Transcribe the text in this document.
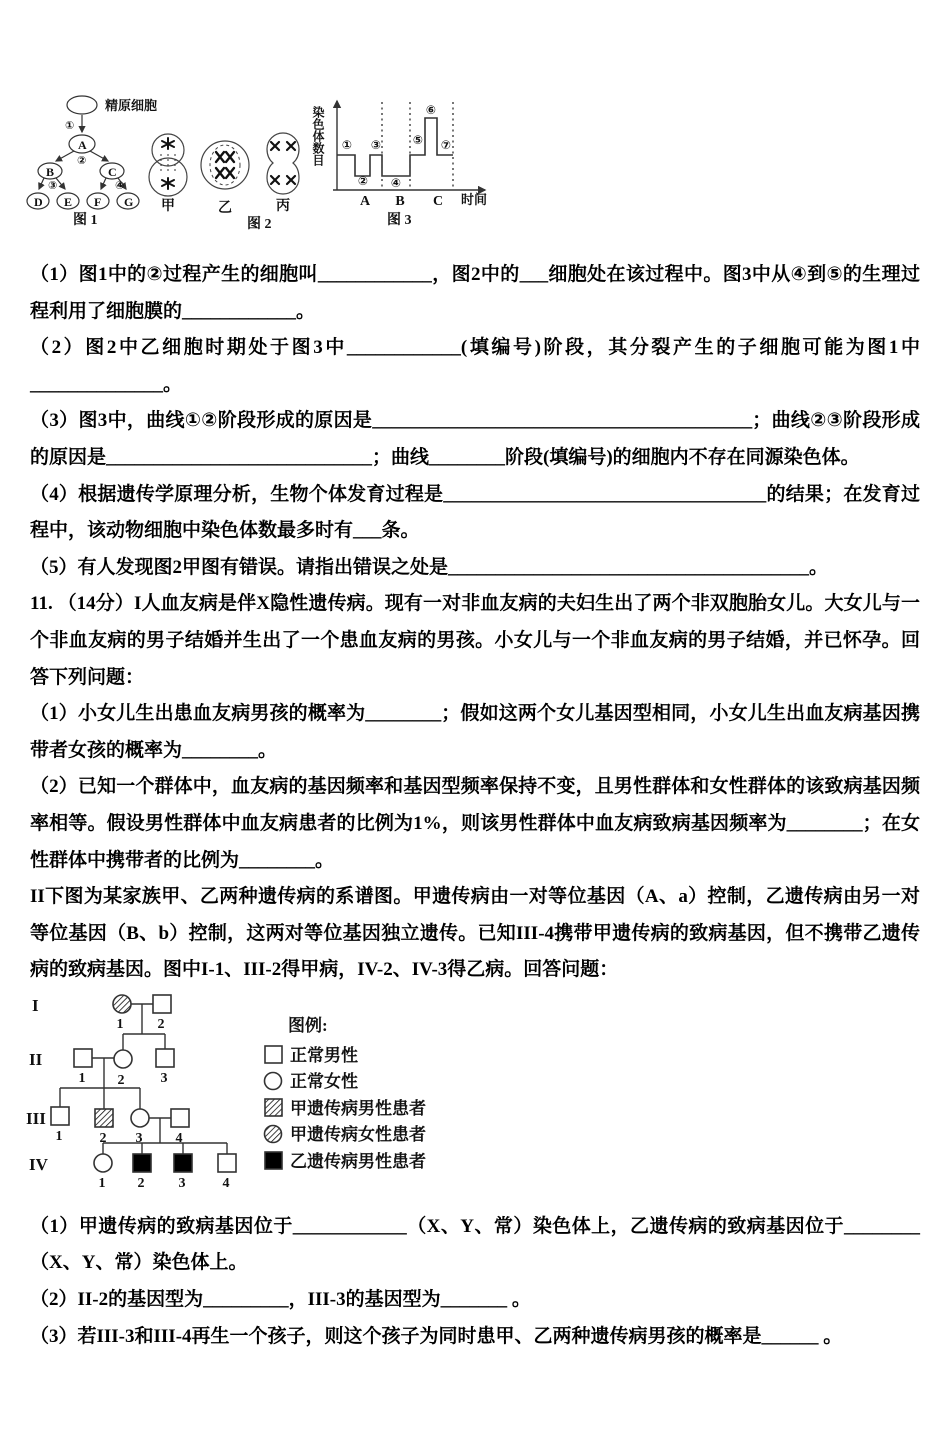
精原细胞
①
A
②
B	C
③	④
D E F G
图 1
甲	乙	丙
图 2
染色体数目 ①
②
③
④
⑤
⑥
⑦
A B C 时间
图 3

（1）图1中的②过程产生的细胞叫____________，图2中的___细胞处在该过程中。图3中从④到⑤的生理过程利用了细胞膜的____________。

（2）图2中乙细胞时期处于图3中____________(填编号)阶段，其分裂产生的子细胞可能为图1中______________。

（3）图3中，曲线①②阶段形成的原因是________________________________________；曲线②③阶段形成的原因是____________________________；曲线________阶段(填编号)的细胞内不存在同源染色体。

（4）根据遗传学原理分析，生物个体发育过程是__________________________________的结果；在发育过程中，该动物细胞中染色体数最多时有___条。

（5）有人发现图2甲图有错误。请指出错误之处是______________________________________。

11. （14分）I人血友病是伴X隐性遗传病。现有一对非血友病的夫妇生出了两个非双胞胎女儿。大女儿与一个非血友病的男子结婚并生出了一个患血友病的男孩。小女儿与一个非血友病的男子结婚，并已怀孕。回答下列问题：

（1）小女儿生出患血友病男孩的概率为________；假如这两个女儿基因型相同，小女儿生出血友病基因携带者女孩的概率为________。

（2）已知一个群体中，血友病的基因频率和基因型频率保持不变，且男性群体和女性群体的该致病基因频率相等。假设男性群体中血友病患者的比例为1%，则该男性群体中血友病致病基因频率为________；在女性群体中携带者的比例为________。

II下图为某家族甲、乙两种遗传病的系谱图。甲遗传病由一对等位基因（A、a）控制，乙遗传病由另一对等位基因（B、b）控制，这两对等位基因独立遗传。已知III-4携带甲遗传病的致病基因，但不携带乙遗传病的致病基因。图中I-1、III-2得甲病，IV-2、IV-3得乙病。回答问题：

I
II
III
IV
1 2
1 2	3
1	2 3 4
1 2 3	4
图例:
正常男性
正常女性
甲遗传病男性患者
甲遗传病女性患者
乙遗传病男性患者

（1）甲遗传病的致病基因位于____________（X、Y、常）染色体上，乙遗传病的致病基因位于________（X、Y、常）染色体上。

（2）II-2的基因型为_________，III-3的基因型为_______ 。

（3）若III-3和III-4再生一个孩子，则这个孩子为同时患甲、乙两种遗传病男孩的概率是______ 。
